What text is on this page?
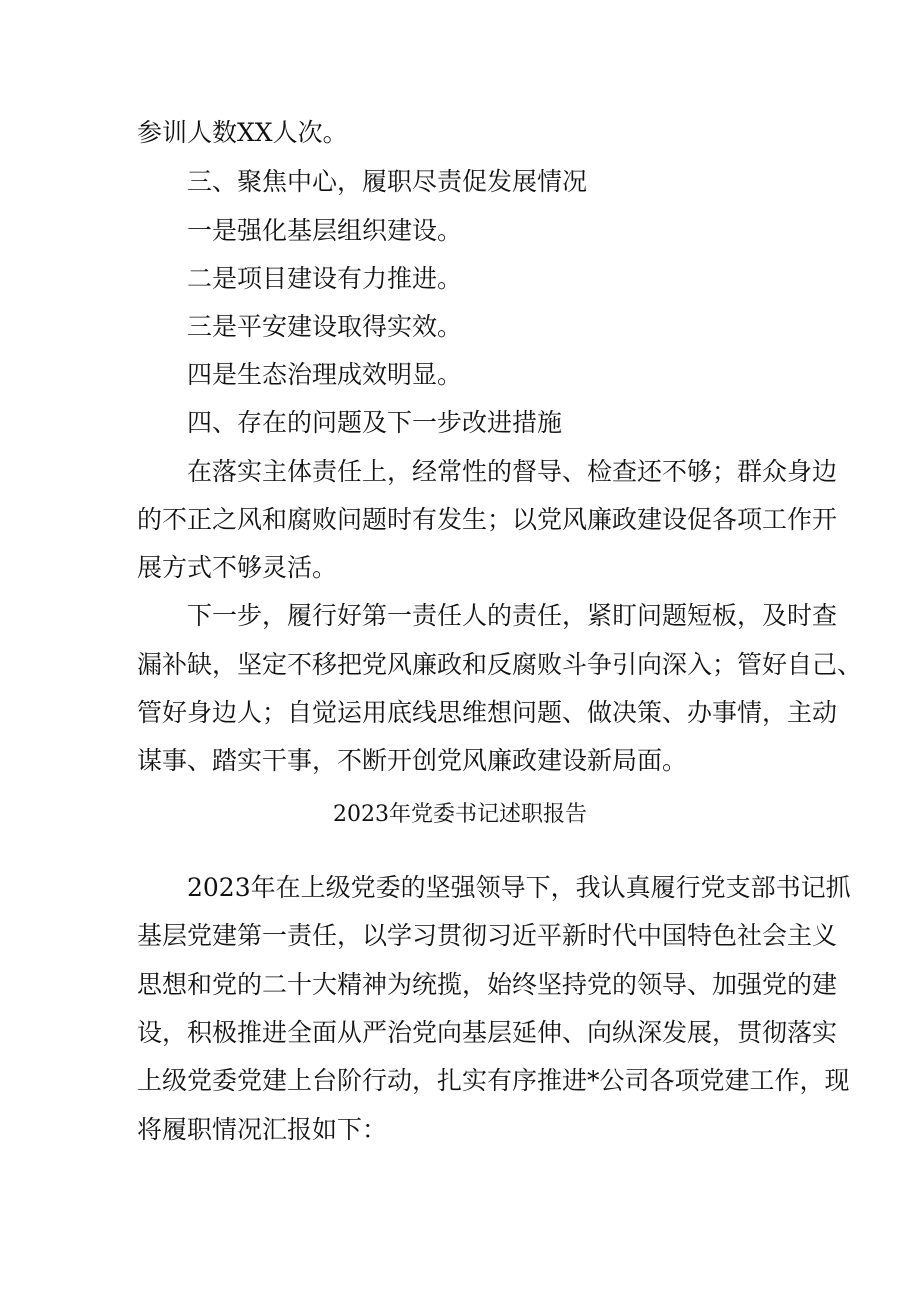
参训人数XX人次。

三、聚焦中心，履职尽责促发展情况

一是强化基层组织建设。

二是项目建设有力推进。

三是平安建设取得实效。

四是生态治理成效明显。

四、存在的问题及下一步改进措施

在落实主体责任上，经常性的督导、检查还不够；群众身边

的不正之风和腐败问题时有发生；以党风廉政建设促各项工作开

展方式不够灵活。

下一步，履行好第一责任人的责任，紧盯问题短板，及时查

漏补缺，坚定不移把党风廉政和反腐败斗争引向深入；管好自己、

管好身边人；自觉运用底线思维想问题、做决策、办事情，主动

谋事、踏实干事，不断开创党风廉政建设新局面。

2023年党委书记述职报告

2023年在上级党委的坚强领导下，我认真履行党支部书记抓

基层党建第一责任，以学习贯彻习近平新时代中国特色社会主义

思想和党的二十大精神为统揽，始终坚持党的领导、加强党的建

设，积极推进全面从严治党向基层延伸、向纵深发展，贯彻落实

上级党委党建上台阶行动，扎实有序推进*公司各项党建工作，现

将履职情况汇报如下：
